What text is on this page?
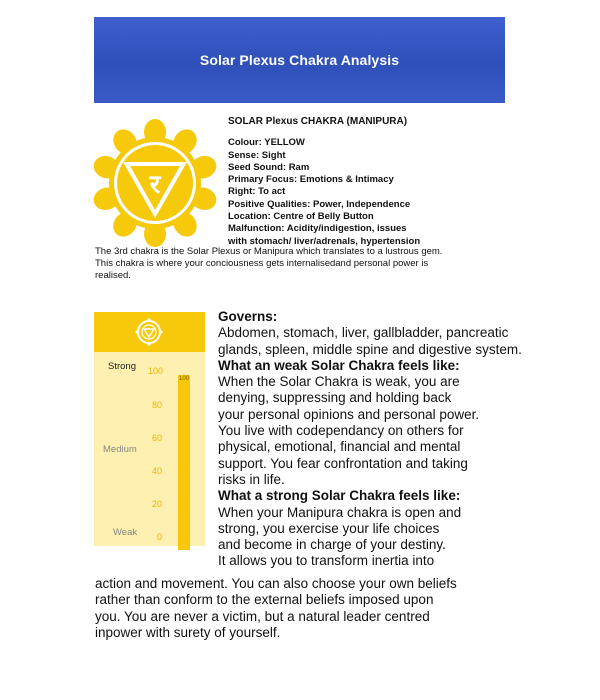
Solar Plexus Chakra Analysis
र
SOLAR Plexus CHAKRA (MANIPURA)
Colour: YELLOW
Sense: Sight
Seed Sound: Ram
Primary Focus: Emotions & Intimacy
Right: To act
Positive Qualities: Power, Independence
Location: Centre of Belly Button
Malfunction: Acidity/indigestion, issues
with stomach/ liver/adrenals, hypertension
The 3rd chakra is the Solar Plexus or Manipura which translates to a lustrous gem.
This chakra is where your conciousness gets internalisedand personal power is
realised.
Strong
Medium
Weak
100
100
80
60
40
20
0
Governs:
Abdomen, stomach, liver, gallbladder, pancreatic
glands, spleen, middle spine and digestive system.
What an weak Solar Chakra feels like:
When the Solar Chakra is weak, you are
denying, suppressing and holding back
your personal opinions and personal power.
You live with codependancy on others for
physical, emotional, financial and mental
support. You fear confrontation and taking
risks in life.
What a strong Solar Chakra feels like:
When your Manipura chakra is open and
strong, you exercise your life choices
and become in charge of your destiny.
It allows you to transform inertia into
action and movement. You can also choose your own beliefs
rather than conform to the external beliefs imposed upon
you. You are never a victim, but a natural leader centred
inpower with surety of yourself.
